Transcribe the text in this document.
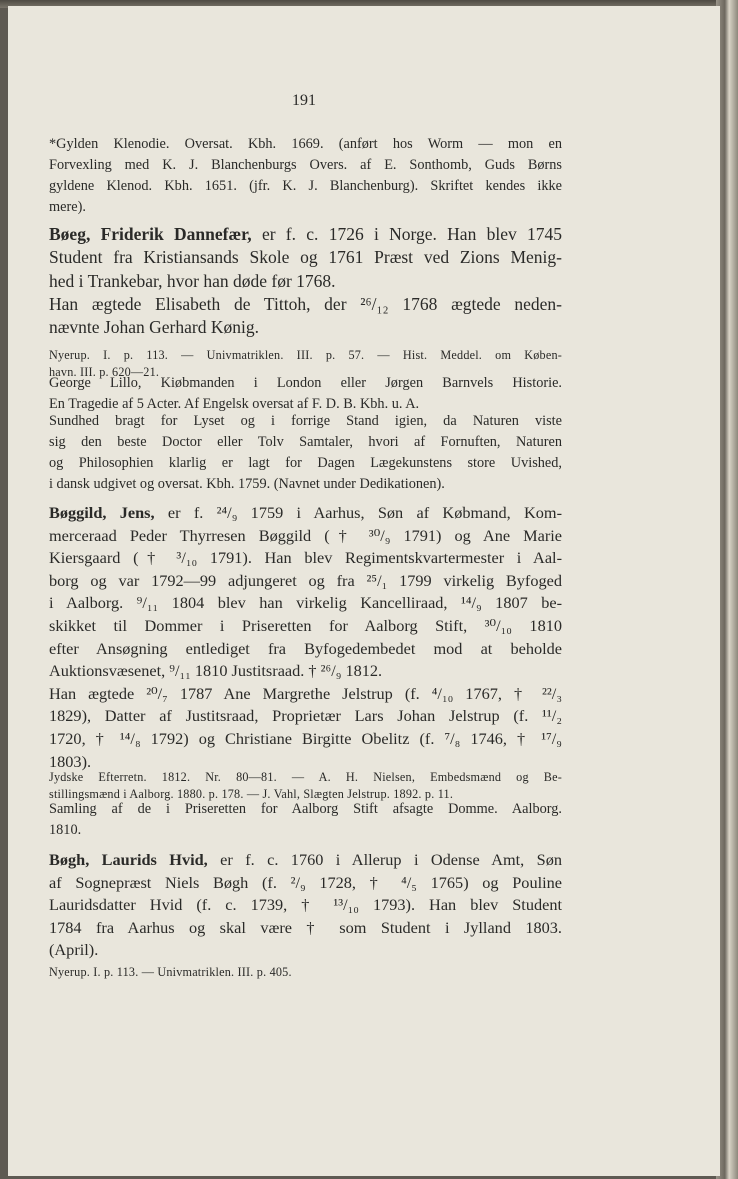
191
*Gylden Klenodie. Oversat. Kbh. 1669. (anført hos Worm — mon en
Forvexling med K. J. Blanchenburgs Overs. af E. Sonthomb, Guds Børns
gyldene Klenod. Kbh. 1651. (jfr. K. J. Blanchenburg). Skriftet kendes ikke
mere).
Bøeg, Friderik Dannefær, er f. c. 1726 i Norge. Han blev 1745
Student fra Kristiansands Skole og 1761 Præst ved Zions Menig-
hed i Trankebar, hvor han døde før 1768.
Han ægtede Elisabeth de Tittoh, der ²⁶/₁₂ 1768 ægtede neden-
nævnte Johan Gerhard Kønig.
Nyerup. I. p. 113. — Univmatriklen. III. p. 57. — Hist. Meddel. om Køben-
havn. III. p. 620—21.
George Lillo, Kiøbmanden i London eller Jørgen Barnvels Historie.
En Tragedie af 5 Acter. Af Engelsk oversat af F. D. B. Kbh. u. A.
Sundhed bragt for Lyset og i forrige Stand igien, da Naturen viste
sig den beste Doctor eller Tolv Samtaler, hvori af Fornuften, Naturen
og Philosophien klarlig er lagt for Dagen Lægekunstens store Uvished,
i dansk udgivet og oversat. Kbh. 1759. (Navnet under Dedikationen).
Bøggild, Jens, er f. ²⁴/₉ 1759 i Aarhus, Søn af Købmand, Kom-
merceraad Peder Thyrresen Bøggild († ³⁰/₉ 1791) og Ane Marie
Kiersgaard († ³/₁₀ 1791). Han blev Regimentskvartermester i Aal-
borg og var 1792—99 adjungeret og fra ²⁵/₁ 1799 virkelig Byfoged
i Aalborg. ⁹/₁₁ 1804 blev han virkelig Kancelliraad, ¹⁴/₉ 1807 be-
skikket til Dommer i Priseretten for Aalborg Stift, ³⁰/₁₀ 1810
efter Ansøgning entlediget fra Byfogedembedet mod at beholde
Auktionsvæsenet, ⁹/₁₁ 1810 Justitsraad. † ²⁶/₉ 1812.
Han ægtede ²⁰/₇ 1787 Ane Margrethe Jelstrup (f. ⁴/₁₀ 1767, † ²²/₃
1829), Datter af Justitsraad, Proprietær Lars Johan Jelstrup (f. ¹¹/₂
1720, † ¹⁴/₈ 1792) og Christiane Birgitte Obelitz (f. ⁷/₈ 1746, † ¹⁷/₉
1803).
Jydske Efterretn. 1812. Nr. 80—81. — A. H. Nielsen, Embedsmænd og Be-
stillingsmænd i Aalborg. 1880. p. 178. — J. Vahl, Slægten Jelstrup. 1892. p. 11.
Samling af de i Priseretten for Aalborg Stift afsagte Domme. Aalborg.
1810.
Bøgh, Laurids Hvid, er f. c. 1760 i Allerup i Odense Amt, Søn
af Sognepræst Niels Bøgh (f. ²/₉ 1728, † ⁴/₅ 1765) og Pouline
Lauridsdatter Hvid (f. c. 1739, † ¹³/₁₀ 1793). Han blev Student
1784 fra Aarhus og skal være † som Student i Jylland 1803.
(April).
Nyerup. I. p. 113. — Univmatriklen. III. p. 405.
